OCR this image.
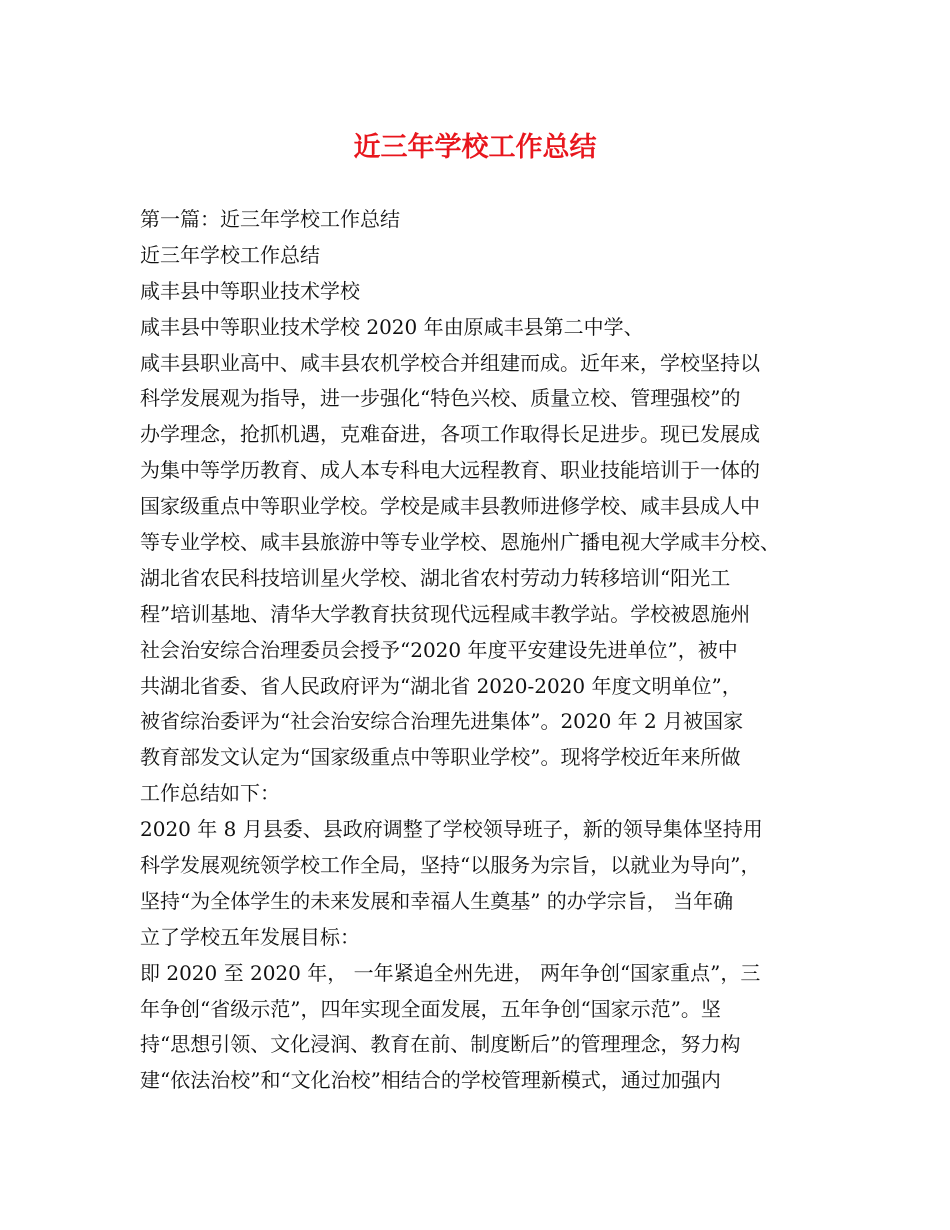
近三年学校工作总结
第一篇：近三年学校工作总结
近三年学校工作总结
咸丰县中等职业技术学校
咸丰县中等职业技术学校 2020 年由原咸丰县第二中学、
咸丰县职业高中、咸丰县农机学校合并组建而成。近年来，学校坚持以
科学发展观为指导，进一步强化“特色兴校、质量立校、管理强校”的
办学理念，抢抓机遇，克难奋进，各项工作取得长足进步。现已发展成
为集中等学历教育、成人本专科电大远程教育、职业技能培训于一体的
国家级重点中等职业学校。学校是咸丰县教师进修学校、咸丰县成人中
等专业学校、咸丰县旅游中等专业学校、恩施州广播电视大学咸丰分校、
湖北省农民科技培训星火学校、湖北省农村劳动力转移培训“阳光工
程”培训基地、清华大学教育扶贫现代远程咸丰教学站。学校被恩施州
社会治安综合治理委员会授予“2020 年度平安建设先进单位”，被中
共湖北省委、省人民政府评为“湖北省 2020-2020 年度文明单位”，
被省综治委评为“社会治安综合治理先进集体”。2020 年 2 月被国家
教育部发文认定为“国家级重点中等职业学校”。现将学校近年来所做
工作总结如下：
2020 年 8 月县委、县政府调整了学校领导班子，新的领导集体坚持用
科学发展观统领学校工作全局，坚持“以服务为宗旨，以就业为导向”，
坚持“为全体学生的未来发展和幸福人生奠基” 的办学宗旨， 当年确
立了学校五年发展目标：
即 2020 至 2020 年， 一年紧追全州先进， 两年争创“国家重点”，三
年争创“省级示范”，四年实现全面发展，五年争创“国家示范”。坚
持“思想引领、文化浸润、教育在前、制度断后”的管理理念，努力构
建“依法治校”和“文化治校”相结合的学校管理新模式，通过加强内
